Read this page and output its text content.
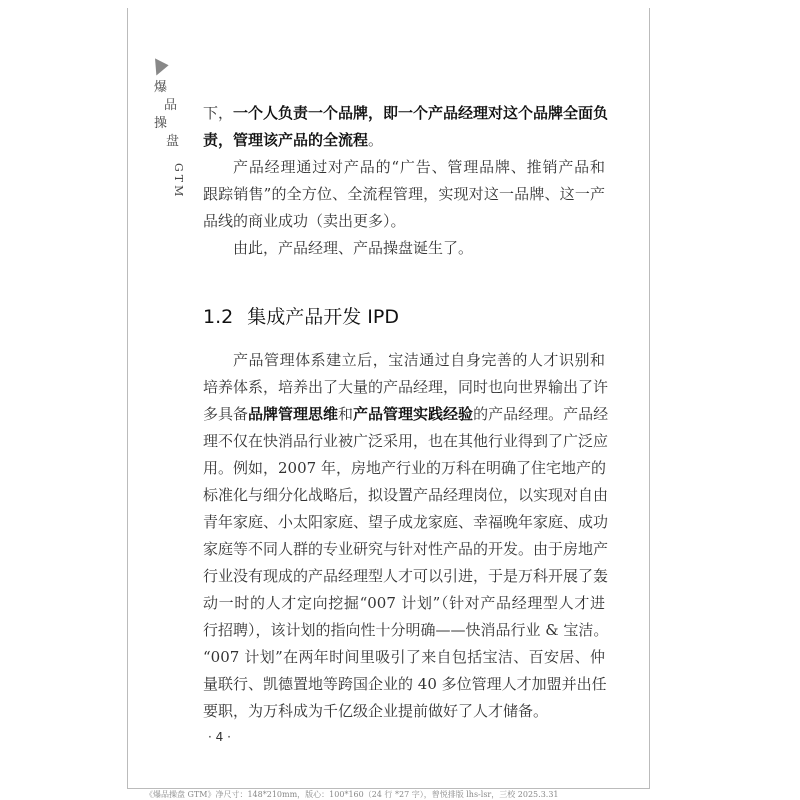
爆
品
操
盘
GTM
下，一个人负责一个品牌，即一个产品经理对这个品牌全面负
责，管理该产品的全流程。
产品经理通过对产品的“广告、管理品牌、推销产品和
跟踪销售”的全方位、全流程管理，实现对这一品牌、这一产
品线的商业成功（卖出更多）。
由此，产品经理、产品操盘诞生了。
1.2 集成产品开发 IPD
产品管理体系建立后，宝洁通过自身完善的人才识别和
培养体系，培养出了大量的产品经理，同时也向世界输出了许
多具备品牌管理思维和产品管理实践经验的产品经理。产品经
理不仅在快消品行业被广泛采用，也在其他行业得到了广泛应
用。例如，2007 年，房地产行业的万科在明确了住宅地产的
标准化与细分化战略后，拟设置产品经理岗位，以实现对自由
青年家庭、小太阳家庭、望子成龙家庭、幸福晚年家庭、成功
家庭等不同人群的专业研究与针对性产品的开发。由于房地产
行业没有现成的产品经理型人才可以引进，于是万科开展了轰
动一时的人才定向挖掘“007 计划”（针对产品经理型人才进
行招聘），该计划的指向性十分明确——快消品行业 & 宝洁。
“007 计划”在两年时间里吸引了来自包括宝洁、百安居、仲
量联行、凯德置地等跨国企业的 40 多位管理人才加盟并出任
要职，为万科成为千亿级企业提前做好了人才储备。
· 4 ·
《爆品操盘 GTM》净尺寸：148*210mm，版心：100*160（24 行 *27 字），曾悦排版 lhs-lsr，三校 2025.3.31
